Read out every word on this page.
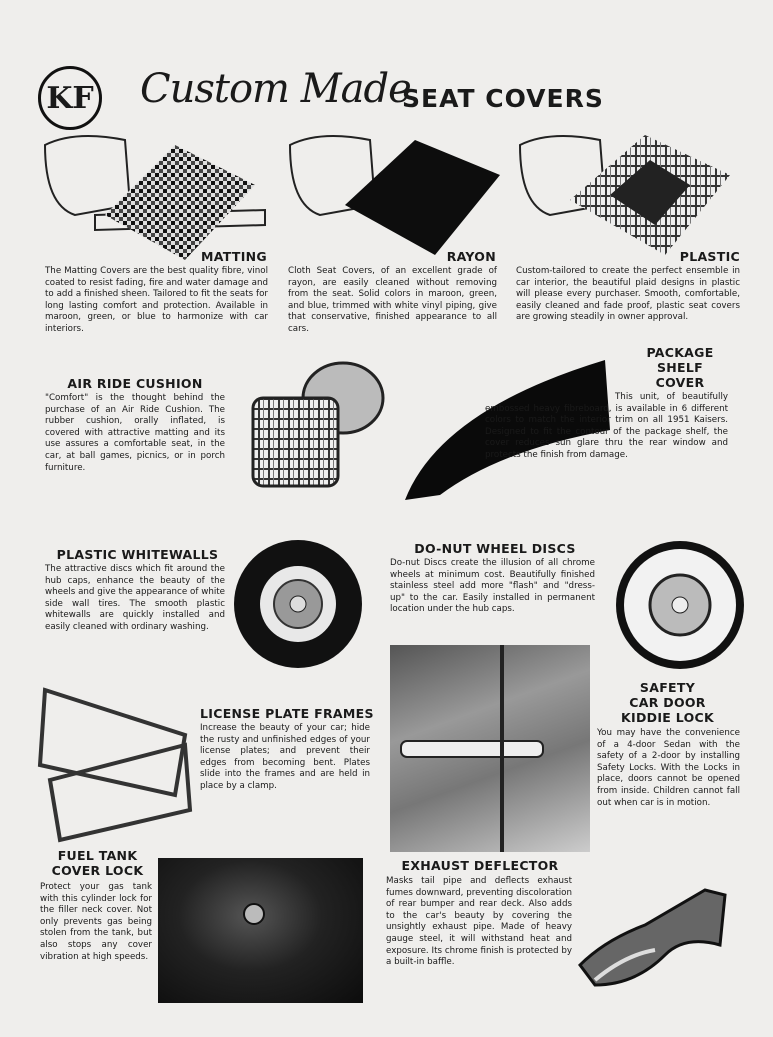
KF Custom Made
SEAT COVERS
MATTING
The Matting Covers are the best quality fibre, vinol coated to resist fading, fire and water damage and to add a finished sheen. Tailored to fit the seats for long lasting comfort and protection. Available in maroon, green, or blue to harmonize with car interiors.
RAYON
Cloth Seat Covers, of an excellent grade of rayon, are easily cleaned without removing from the seat. Solid colors in maroon, green, and blue, trimmed with white vinyl piping, give that conservative, finished appearance to all cars.
PLASTIC
Custom-tailored to create the perfect ensemble in car interior, the beautiful plaid designs in plastic will please every purchaser. Smooth, comfortable, easily cleaned and fade proof, plastic seat covers are growing steadily in owner approval.
AIR RIDE CUSHION
"Comfort" is the thought behind the purchase of an Air Ride Cushion. The rubber cushion, orally inflated, is covered with attractive matting and its use assures a comfortable seat, in the car, at ball games, picnics, or in porch furniture.
PACKAGE
SHELF
COVER
This unit, of beautifully embossed heavy fibreboard, is available in 6 different colors to match the interior trim on all 1951 Kaisers. Designed to fit the contour of the package shelf, the cover reduces sun glare thru the rear window and protects the finish from damage.
PLASTIC WHITEWALLS
The attractive discs which fit around the hub caps, enhance the beauty of the wheels and give the appearance of white side wall tires. The smooth plastic whitewalls are quickly installed and easily cleaned with ordinary washing.
DO-NUT WHEEL DISCS
Do-nut Discs create the illusion of all chrome wheels at minimum cost. Beautifully finished stainless steel add more "flash" and "dress-up" to the car. Easily installed in permanent location under the hub caps.
LICENSE PLATE FRAMES
Increase the beauty of your car; hide the rusty and unfinished edges of your license plates; and prevent their edges from becoming bent. Plates slide into the frames and are held in place by a clamp.
SAFETY
CAR DOOR
KIDDIE LOCK
You may have the convenience of a 4-door Sedan with the safety of a 2-door by installing Safety Locks. With the Locks in place, doors cannot be opened from inside. Children cannot fall out when car is in motion.
FUEL TANK
COVER LOCK
Protect your gas tank with this cylinder lock for the filler neck cover. Not only prevents gas being stolen from the tank, but also stops any cover vibration at high speeds.
EXHAUST DEFLECTOR
Masks tail pipe and deflects exhaust fumes downward, preventing discoloration of rear bumper and rear deck. Also adds to the car's beauty by covering the unsightly exhaust pipe. Made of heavy gauge steel, it will withstand heat and exposure. Its chrome finish is protected by a built-in baffle.
